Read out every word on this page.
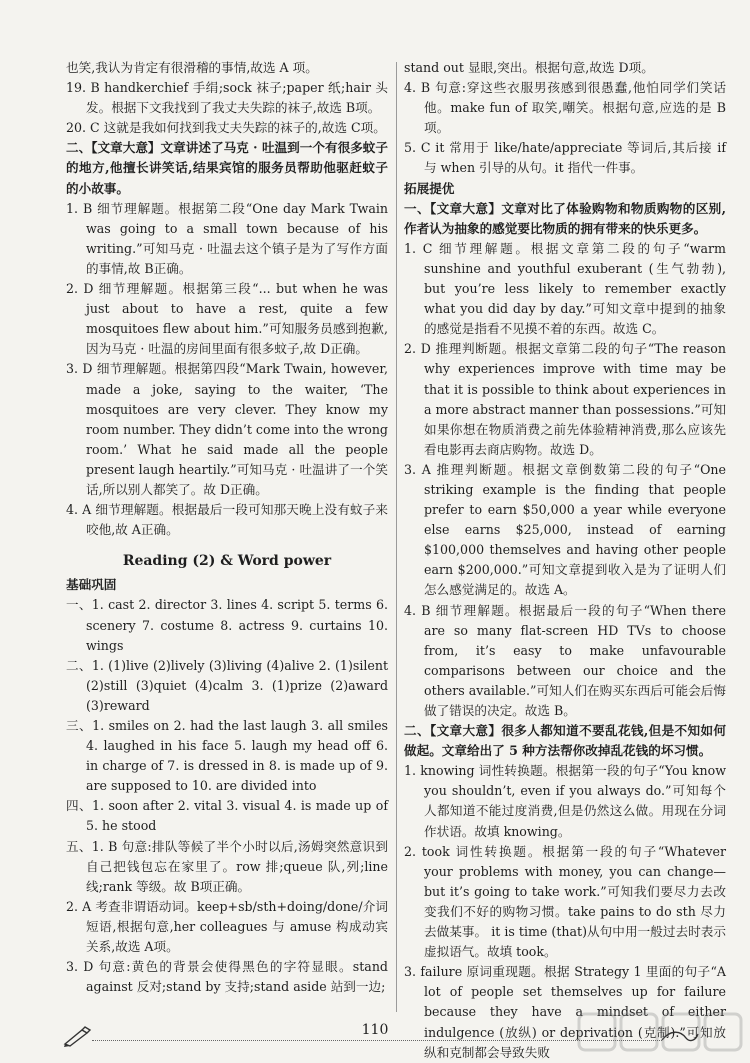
也笑,我认为肯定有很滑稽的事情,故选 A 项。

19. B handkerchief 手绢;sock 袜子;paper 纸;hair 头发。根据下文我找到了我丈夫失踪的袜子,故选 B项。

20. C 这就是我如何找到我丈夫失踪的袜子的,故选 C项。

二、【文章大意】文章讲述了马克 · 吐温到一个有很多蚊子的地方,他擅长讲笑话,结果宾馆的服务员帮助他驱赶蚊子的小故事。

1. B 细节理解题。根据第二段“One day Mark Twain was going to a small town because of his writing.”可知马克 · 吐温去这个镇子是为了写作方面的事情,故 B正确。

2. D 细节理解题。根据第三段“... but when he was just about to have a rest, quite a few mosquitoes flew about him.”可知服务员感到抱歉,因为马克 · 吐温的房间里面有很多蚊子,故 D正确。

3. D 细节理解题。根据第四段“Mark Twain, however, made a joke, saying to the waiter, ‘The mosquitoes are very clever. They know my room number. They didn’t come into the wrong room.’ What he said made all the people present laugh heartily.”可知马克 · 吐温讲了一个笑话,所以别人都笑了。故 D正确。

4. A 细节理解题。根据最后一段可知那天晚上没有蚊子来咬他,故 A正确。

Reading (2) & Word power

基础巩固

一、1. cast 2. director 3. lines 4. script 5. terms 6. scenery 7. costume 8. actress 9. curtains 10. wings

二、1. (1)live (2)lively (3)living (4)alive 2. (1)silent (2)still (3)quiet (4)calm 3. (1)prize (2)award (3)reward

三、1. smiles on 2. had the last laugh 3. all smiles 4. laughed in his face 5. laugh my head off 6. in charge of 7. is dressed in 8. is made up of 9. are supposed to 10. are divided into

四、1. soon after 2. vital 3. visual 4. is made up of 5. he stood

五、1. B 句意:排队等候了半个小时以后,汤姆突然意识到自己把钱包忘在家里了。row 排;queue 队,列;line 线;rank 等级。故 B项正确。

2. A 考查非谓语动词。keep+sb/sth+doing/done/介词短语,根据句意,her colleagues 与 amuse 构成动宾关系,故选 A项。

3. D 句意:黄色的背景会使得黑色的字符显眼。stand against 反对;stand by 支持;stand aside 站到一边;

stand out 显眼,突出。根据句意,故选 D项。

4. B 句意:穿这些衣服男孩感到很愚蠢,他怕同学们笑话他。make fun of 取笑,嘲笑。根据句意,应选的是 B项。

5. C it 常用于 like/hate/appreciate 等词后,其后接 if 与 when 引导的从句。it 指代一件事。

拓展提优

一、【文章大意】文章对比了体验购物和物质购物的区别,作者认为抽象的感觉要比物质的拥有带来的快乐更多。

1. C 细节理解题。根据文章第二段的句子“warm sunshine and youthful exuberant (生气勃勃), but you’re less likely to remember exactly what you did day by day.”可知文章中提到的抽象的感觉是指看不见摸不着的东西。故选 C。

2. D 推理判断题。根据文章第二段的句子“The reason why experiences improve with time may be that it is possible to think about experiences in a more abstract manner than possessions.”可知如果你想在物质消费之前先体验精神消费,那么应该先看电影再去商店购物。故选 D。

3. A 推理判断题。根据文章倒数第二段的句子“One striking example is the finding that people prefer to earn $50,000 a year while everyone else earns $25,000, instead of earning $100,000 themselves and having other people earn $200,000.”可知文章提到收入是为了证明人们怎么感觉满足的。故选 A。

4. B 细节理解题。根据最后一段的句子“When there are so many flat-screen HD TVs to choose from, it’s easy to make unfavourable comparisons between our choice and the others available.”可知人们在购买东西后可能会后悔做了错误的决定。故选 B。

二、【文章大意】很多人都知道不要乱花钱,但是不知如何做起。文章给出了 5 种方法帮你改掉乱花钱的坏习惯。

1. knowing 词性转换题。根据第一段的句子“You know you shouldn’t, even if you always do.”可知每个人都知道不能过度消费,但是仍然这么做。用现在分词作状语。故填 knowing。

2. took 词性转换题。根据第一段的句子“Whatever your problems with money, you can change—but it’s going to take work.”可知我们要尽力去改变我们不好的购物习惯。take pains to do sth 尽力去做某事。 it is time (that)从句中用一般过去时表示虚拟语气。故填 took。

3. failure 原词重现题。根据 Strategy 1 里面的句子“A lot of people set themselves up for failure because they have a mindset of either indulgence (放纵) or deprivation (克制).”可知放纵和克制都会导致失败

110
